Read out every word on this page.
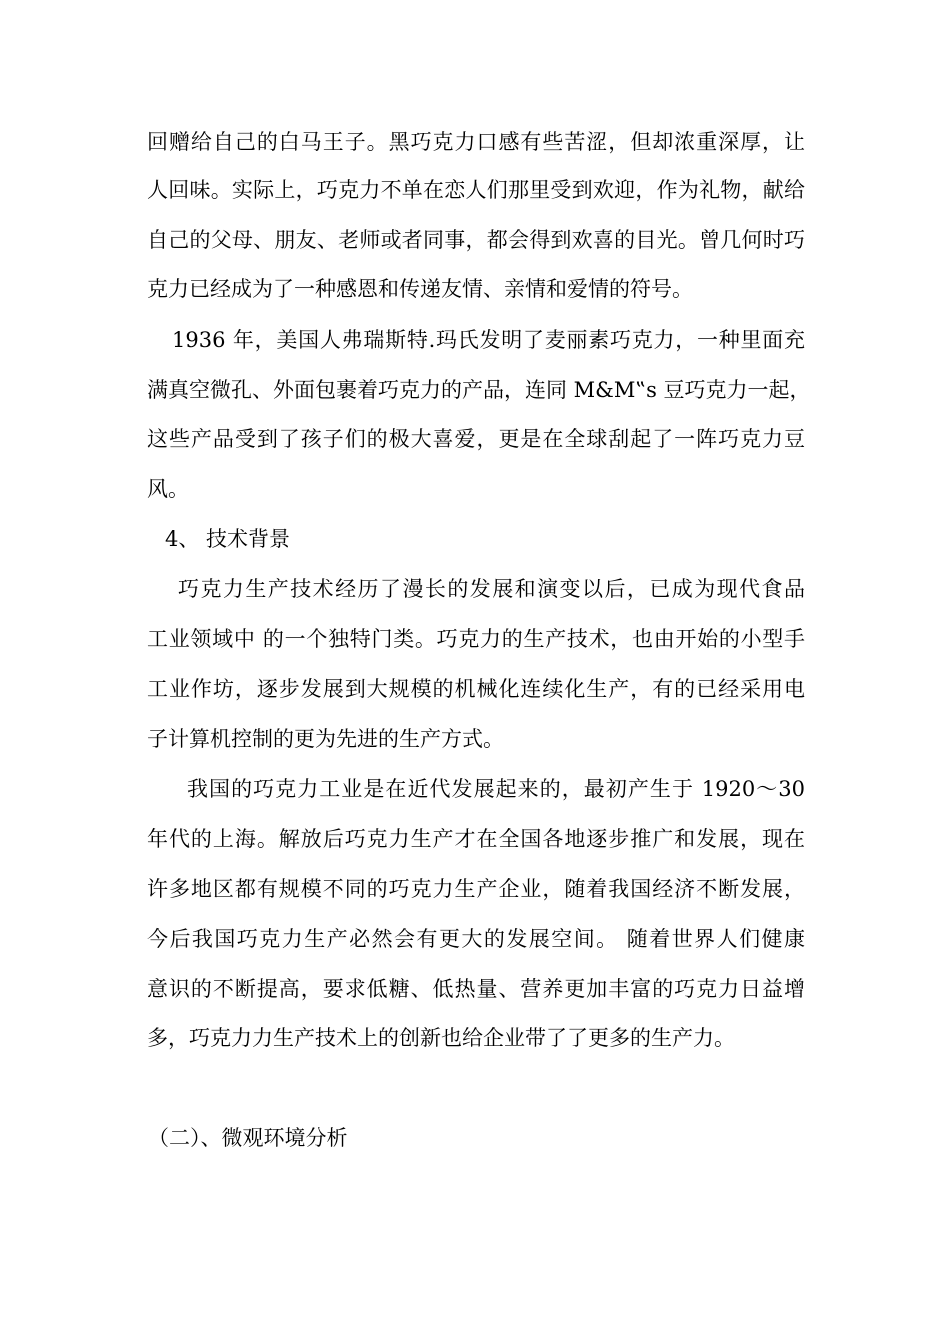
回赠给自己的白马王子。黑巧克力口感有些苦涩，但却浓重深厚，让
人回味。实际上，巧克力不单在恋人们那里受到欢迎，作为礼物，献给
自己的父母、朋友、老师或者同事，都会得到欢喜的目光。曾几何时巧
克力已经成为了一种感恩和传递友情、亲情和爱情的符号。
1936 年，美国人弗瑞斯特.玛氏发明了麦丽素巧克力，一种里面充
满真空微孔、外面包裹着巧克力的产品，连同 M&M‟s 豆巧克力一起，
这些产品受到了孩子们的极大喜爱，更是在全球刮起了一阵巧克力豆
风。
4、 技术背景
巧克力生产技术经历了漫长的发展和演变以后，已成为现代食品
工业领域中 的一个独特门类。巧克力的生产技术，也由开始的小型手
工业作坊，逐步发展到大规模的机械化连续化生产，有的已经采用电
子计算机控制的更为先进的生产方式。
我国的巧克力工业是在近代发展起来的，最初产生于 1920～30
年代的上海。解放后巧克力生产才在全国各地逐步推广和发展，现在
许多地区都有规模不同的巧克力生产企业，随着我国经济不断发展，
今后我国巧克力生产必然会有更大的发展空间。 随着世界人们健康
意识的不断提高，要求低糖、低热量、营养更加丰富的巧克力日益增
多，巧克力力生产技术上的创新也给企业带了了更多的生产力。
（二）、微观环境分析
